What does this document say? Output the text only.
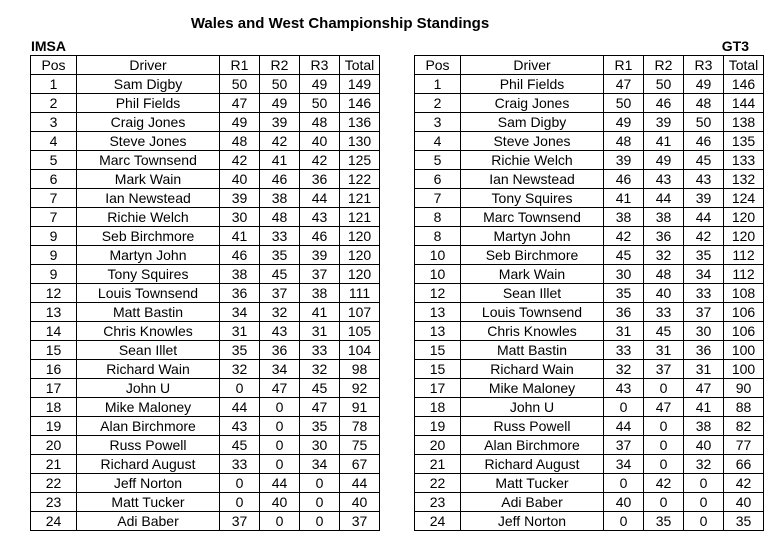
Wales and West Championship Standings
IMSA	GT3
Pos	Driver	R1	R2	R3	Total
1	Sam Digby	50	50	49	149
2	Phil Fields	47	49	50	146
3	Craig Jones	49	39	48	136
4	Steve Jones	48	42	40	130
5	Marc Townsend	42	41	42	125
6	Mark Wain	40	46	36	122
7	Ian Newstead	39	38	44	121
7	Richie Welch	30	48	43	121
9	Seb Birchmore	41	33	46	120
9	Martyn John	46	35	39	120
9	Tony Squires	38	45	37	120
12	Louis Townsend	36	37	38	111
13	Matt Bastin	34	32	41	107
14	Chris Knowles	31	43	31	105
15	Sean Illet	35	36	33	104
16	Richard Wain	32	34	32	98
17	John U	0	47	45	92
18	Mike Maloney	44	0	47	91
19	Alan Birchmore	43	0	35	78
20	Russ Powell	45	0	30	75
21	Richard August	33	0	34	67
22	Jeff Norton	0	44	0	44
23	Matt Tucker	0	40	0	40
24	Adi Baber	37	0	0	37
Pos	Driver	R1	R2	R3	Total
1	Phil Fields	47	50	49	146
2	Craig Jones	50	46	48	144
3	Sam Digby	49	39	50	138
4	Steve Jones	48	41	46	135
5	Richie Welch	39	49	45	133
6	Ian Newstead	46	43	43	132
7	Tony Squires	41	44	39	124
8	Marc Townsend	38	38	44	120
8	Martyn John	42	36	42	120
10	Seb Birchmore	45	32	35	112
10	Mark Wain	30	48	34	112
12	Sean Illet	35	40	33	108
13	Louis Townsend	36	33	37	106
13	Chris Knowles	31	45	30	106
15	Matt Bastin	33	31	36	100
15	Richard Wain	32	37	31	100
17	Mike Maloney	43	0	47	90
18	John U	0	47	41	88
19	Russ Powell	44	0	38	82
20	Alan Birchmore	37	0	40	77
21	Richard August	34	0	32	66
22	Matt Tucker	0	42	0	42
23	Adi Baber	40	0	0	40
24	Jeff Norton	0	35	0	35
